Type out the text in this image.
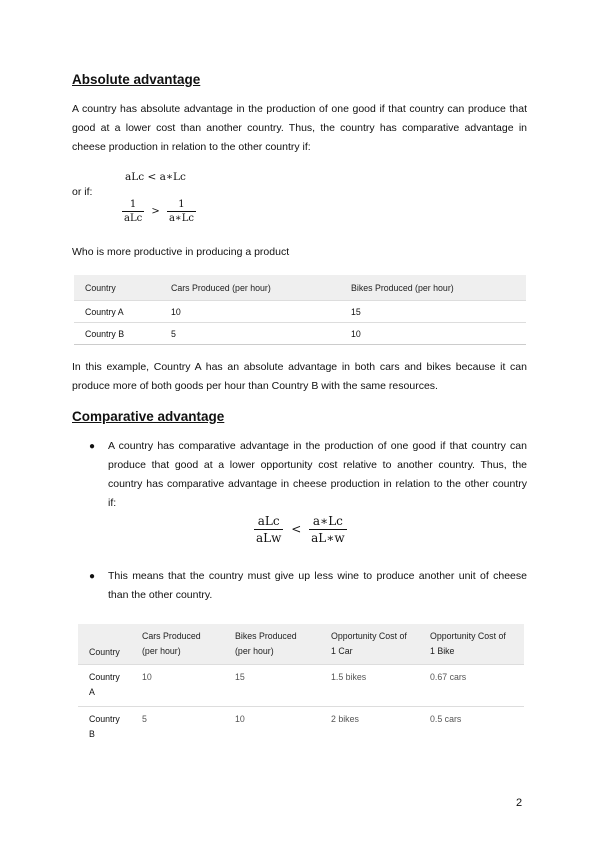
Absolute advantage

A country has absolute advantage in the production of one good if that country can produce that good at a lower cost than another country. Thus, the country has comparative advantage in cheese production in relation to the other country if:

aLc < a∗Lc
or if:
$\frac{1}{\text{aLc}} > \frac{1}{a∗Lc}$

Who is more productive in producing a product

Country	Cars Produced (per hour)	Bikes Produced (per hour)
Country A	10	15
Country B	5	10

In this example, Country A has an absolute advantage in both cars and bikes because it can produce more of both goods per hour than Country B with the same resources.

Comparative advantage
● A country has comparative advantage in the production of one good if that country can produce that good at a lower opportunity cost relative to another country. Thus, the country has comparative advantage in cheese production in relation to the other country if:

$\frac{\text{aLc}}{\text{aLw}} < \frac{a∗Lc}{aL∗w}$
● This means that the country must give up less wine to produce another unit of cheese than the other country.

Country	Cars Produced (per hour)	Bikes Produced (per hour)	Opportunity Cost of 1 Car	Opportunity Cost of 1 Bike
Country A	10	15	1.5 bikes	0.67 cars
Country B	5	10	2 bikes	0.5 cars
2
